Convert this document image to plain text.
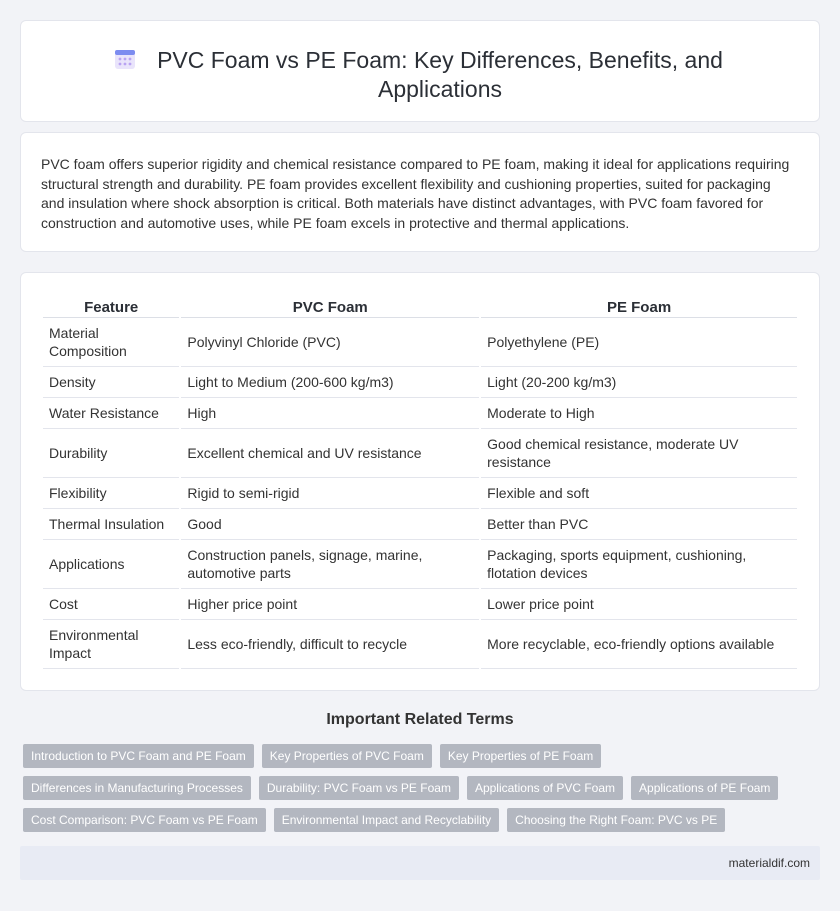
PVC Foam vs PE Foam: Key Differences, Benefits, and Applications

PVC foam offers superior rigidity and chemical resistance compared to PE foam, making it ideal for applications requiring structural strength and durability. PE foam provides excellent flexibility and cushioning properties, suited for packaging and insulation where shock absorption is critical. Both materials have distinct advantages, with PVC foam favored for construction and automotive uses, while PE foam excels in protective and thermal applications.

Feature	PVC Foam	PE Foam
Material Composition	Polyvinyl Chloride (PVC)	Polyethylene (PE)
Density	Light to Medium (200-600 kg/m3)	Light (20-200 kg/m3)
Water Resistance	High	Moderate to High
Durability	Excellent chemical and UV resistance	Good chemical resistance, moderate UV resistance
Flexibility	Rigid to semi-rigid	Flexible and soft
Thermal Insulation	Good	Better than PVC
Applications	Construction panels, signage, marine, automotive parts	Packaging, sports equipment, cushioning, flotation devices
Cost	Higher price point	Lower price point
Environmental Impact	Less eco-friendly, difficult to recycle	More recyclable, eco-friendly options available
Important Related Terms
Introduction to PVC Foam and PE Foam	Key Properties of PVC Foam	Key Properties of PE Foam
Differences in Manufacturing Processes	Durability: PVC Foam vs PE Foam	Applications of PVC Foam	Applications of PE Foam
Cost Comparison: PVC Foam vs PE Foam	Environmental Impact and Recyclability	Choosing the Right Foam: PVC vs PE
materialdif.com
